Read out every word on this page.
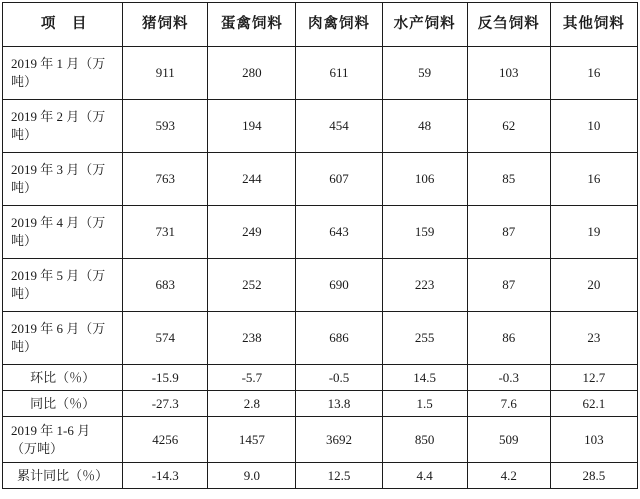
项　目	猪饲料	蛋禽饲料	肉禽饲料	水产饲料	反刍饲料	其他饲料

2019 年 1 月（万
吨）	911	280	611	59	103	16

2019 年 2 月（万
吨）	593	194	454	48	62	10

2019 年 3 月（万
吨）	763	244	607	106	85	16

2019 年 4 月（万
吨）	731	249	643	159	87	19

2019 年 5 月（万
吨）	683	252	690	223	87	20

2019 年 6 月（万
吨）	574	238	686	255	86	23
环比（％）	-15.9	-5.7	-0.5	14.5	-0.3	12.7
同比（％）	-27.3	2.8	13.8	1.5	7.6	62.1

2019 年 1-6 月
（万吨）	4256	1457	3692	850	509	103
累计同比（％）	-14.3	9.0	12.5	4.4	4.2	28.5
